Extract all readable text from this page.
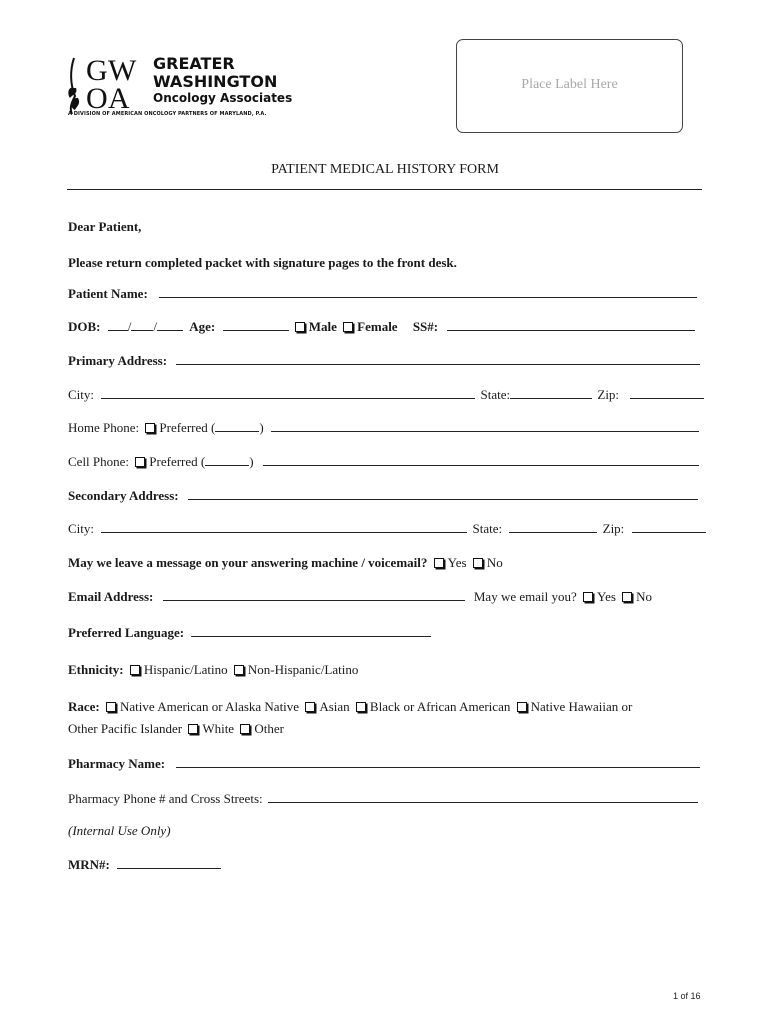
G W
O A
GREATER
WASHINGTON
Oncology Associates
A DIVISION OF AMERICAN ONCOLOGY PARTNERS OF MARYLAND, P.A.
Place Label Here
PATIENT MEDICAL HISTORY FORM
Dear Patient,
Please return completed packet with signature pages to the front desk.
Patient Name:
DOB: / / Age:	Male Female SS#:
Primary Address:
City:	State:	Zip:
Home Phone: Preferred (	)
Cell Phone: Preferred (	)
Secondary Address:
City:	State:	Zip:
May we leave a message on your answering machine / voicemail? Yes No
Email Address:	May we email you? Yes No
Preferred Language:
Ethnicity: Hispanic/Latino Non-Hispanic/Latino
Race: Native American or Alaska Native Asian Black or African American Native Hawaiian or
Other Pacific Islander White Other
Pharmacy Name:
Pharmacy Phone # and Cross Streets:
(Internal Use Only)
MRN#:
1 of 16
